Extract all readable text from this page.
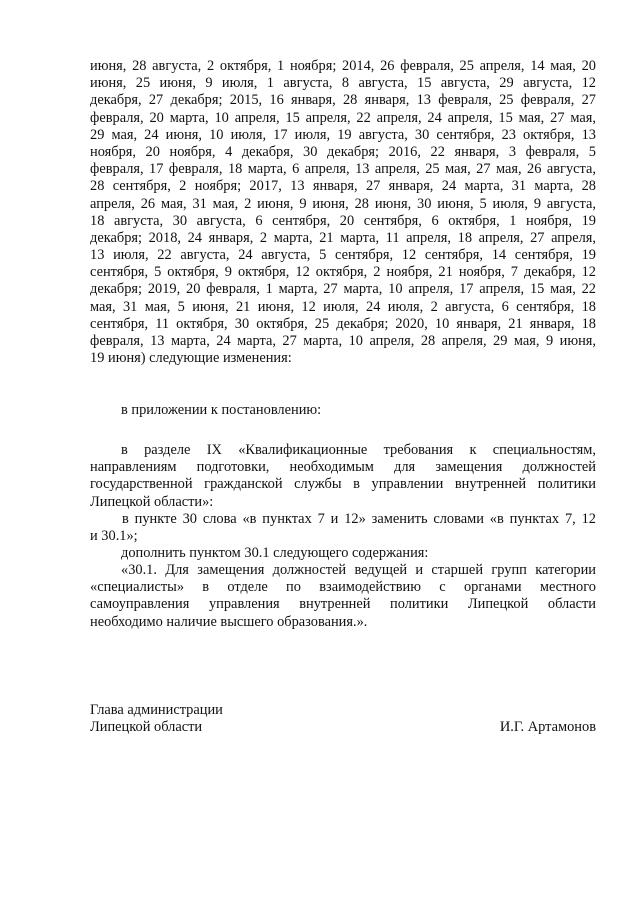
июня, 28 августа, 2 октября, 1 ноября; 2014, 26 февраля, 25 апреля, 14 мая, 20
июня, 25 июня, 9 июля, 1 августа, 8 августа, 15 августа, 29 августа, 12
декабря, 27 декабря; 2015, 16 января, 28 января, 13 февраля, 25 февраля, 27
февраля, 20 марта, 10 апреля, 15 апреля, 22 апреля, 24 апреля, 15 мая, 27 мая,
29 мая, 24 июня, 10 июля, 17 июля, 19 августа, 30 сентября, 23 октября, 13
ноября, 20 ноября, 4 декабря, 30 декабря; 2016, 22 января, 3 февраля, 5
февраля, 17 февраля, 18 марта, 6 апреля, 13 апреля, 25 мая, 27 мая, 26 августа,
28 сентября, 2 ноября; 2017, 13 января, 27 января, 24 марта, 31 марта, 28
апреля, 26 мая, 31 мая, 2 июня, 9 июня, 28 июня, 30 июня, 5 июля, 9 августа,
18 августа, 30 августа, 6 сентября, 20 сентября, 6 октября, 1 ноября, 19
декабря; 2018, 24 января, 2 марта, 21 марта, 11 апреля, 18 апреля, 27 апреля,
13 июля, 22 августа, 24 августа, 5 сентября, 12 сентября, 14 сентября, 19
сентября, 5 октября, 9 октября, 12 октября, 2 ноября, 21 ноября, 7 декабря, 12
декабря; 2019, 20 февраля, 1 марта, 27 марта, 10 апреля, 17 апреля, 15 мая, 22
мая, 31 мая, 5 июня, 21 июня, 12 июля, 24 июля, 2 августа, 6 сентября, 18
сентября, 11 октября, 30 октября, 25 декабря; 2020, 10 января, 21 января, 18
февраля, 13 марта, 24 марта, 27 марта, 10 апреля, 28 апреля, 29 мая, 9 июня,
19 июня) следующие изменения:

в приложении к постановлению:

в разделе IX «Квалификационные требования к специальностям,
направлениям подготовки, необходимым для замещения должностей
государственной гражданской службы в управлении внутренней политики
Липецкой области»:
в пункте 30 слова «в пунктах 7 и 12» заменить словами «в пунктах 7, 12
и 30.1»;

дополнить пунктом 30.1 следующего содержания:

«30.1. Для замещения должностей ведущей и старшей групп категории
«специалисты» в отделе по взаимодействию с органами местного
самоуправления управления внутренней политики Липецкой области
необходимо наличие высшего образования.».

Глава администрации

Липецкой области	И.Г. Артамонов
